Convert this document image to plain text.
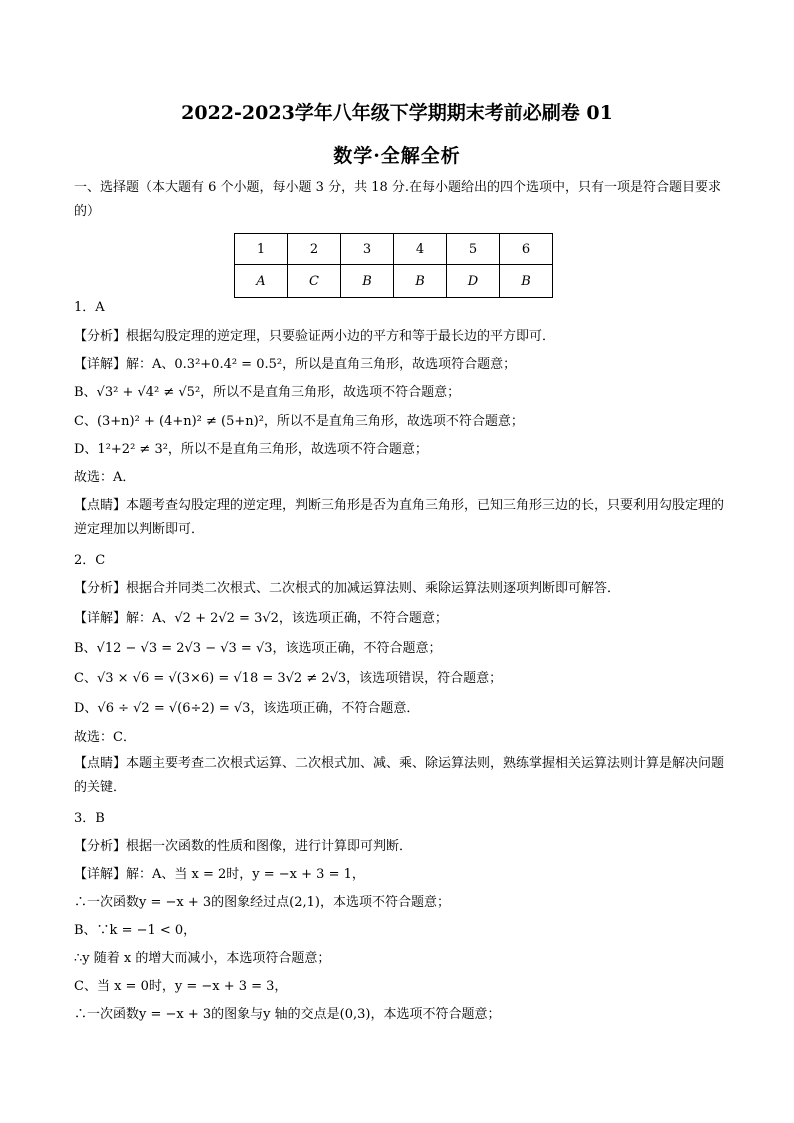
2022-2023学年八年级下学期期末考前必刷卷 01
数学·全解全析
一、选择题（本大题有 6 个小题，每小题 3 分，共 18 分.在每小题给出的四个选项中，只有一项是符合题目要求的）
1	2	3	4	5	6
A	C	B	B	D	B
1．A
【分析】根据勾股定理的逆定理，只要验证两小边的平方和等于最长边的平方即可．
【详解】解：A、0.3²+0.4² = 0.5²，所以是直角三角形，故选项符合题意；
B、√3² + √4² ≠ √5²，所以不是直角三角形，故选项不符合题意；
C、(3+n)² + (4+n)² ≠ (5+n)²，所以不是直角三角形，故选项不符合题意；
D、1²+2² ≠ 3²，所以不是直角三角形，故选项不符合题意；
故选：A．
【点睛】本题考查勾股定理的逆定理，判断三角形是否为直角三角形，已知三角形三边的长，只要利用勾股定理的逆定理加以判断即可．
2．C
【分析】根据合并同类二次根式、二次根式的加减运算法则、乘除运算法则逐项判断即可解答．
【详解】解：A、√2 + 2√2 = 3√2，该选项正确，不符合题意；
B、√12 − √3 = 2√3 − √3 = √3，该选项正确，不符合题意；
C、√3 × √6 = √(3×6) = √18 = 3√2 ≠ 2√3，该选项错误，符合题意；
D、√6 ÷ √2 = √(6÷2) = √3，该选项正确，不符合题意．
故选：C．
【点睛】本题主要考查二次根式运算、二次根式加、减、乘、除运算法则，熟练掌握相关运算法则计算是解决问题的关键．
3．B
【分析】根据一次函数的性质和图像，进行计算即可判断．
【详解】解：A、当 x = 2时，y = −x + 3 = 1，
∴一次函数y = −x + 3的图象经过点(2,1)，本选项不符合题意；
B、∵k = −1 < 0，
∴y 随着 x 的增大而减小，本选项符合题意；
C、当 x = 0时，y = −x + 3 = 3，
∴一次函数y = −x + 3的图象与y 轴的交点是(0,3)，本选项不符合题意；
